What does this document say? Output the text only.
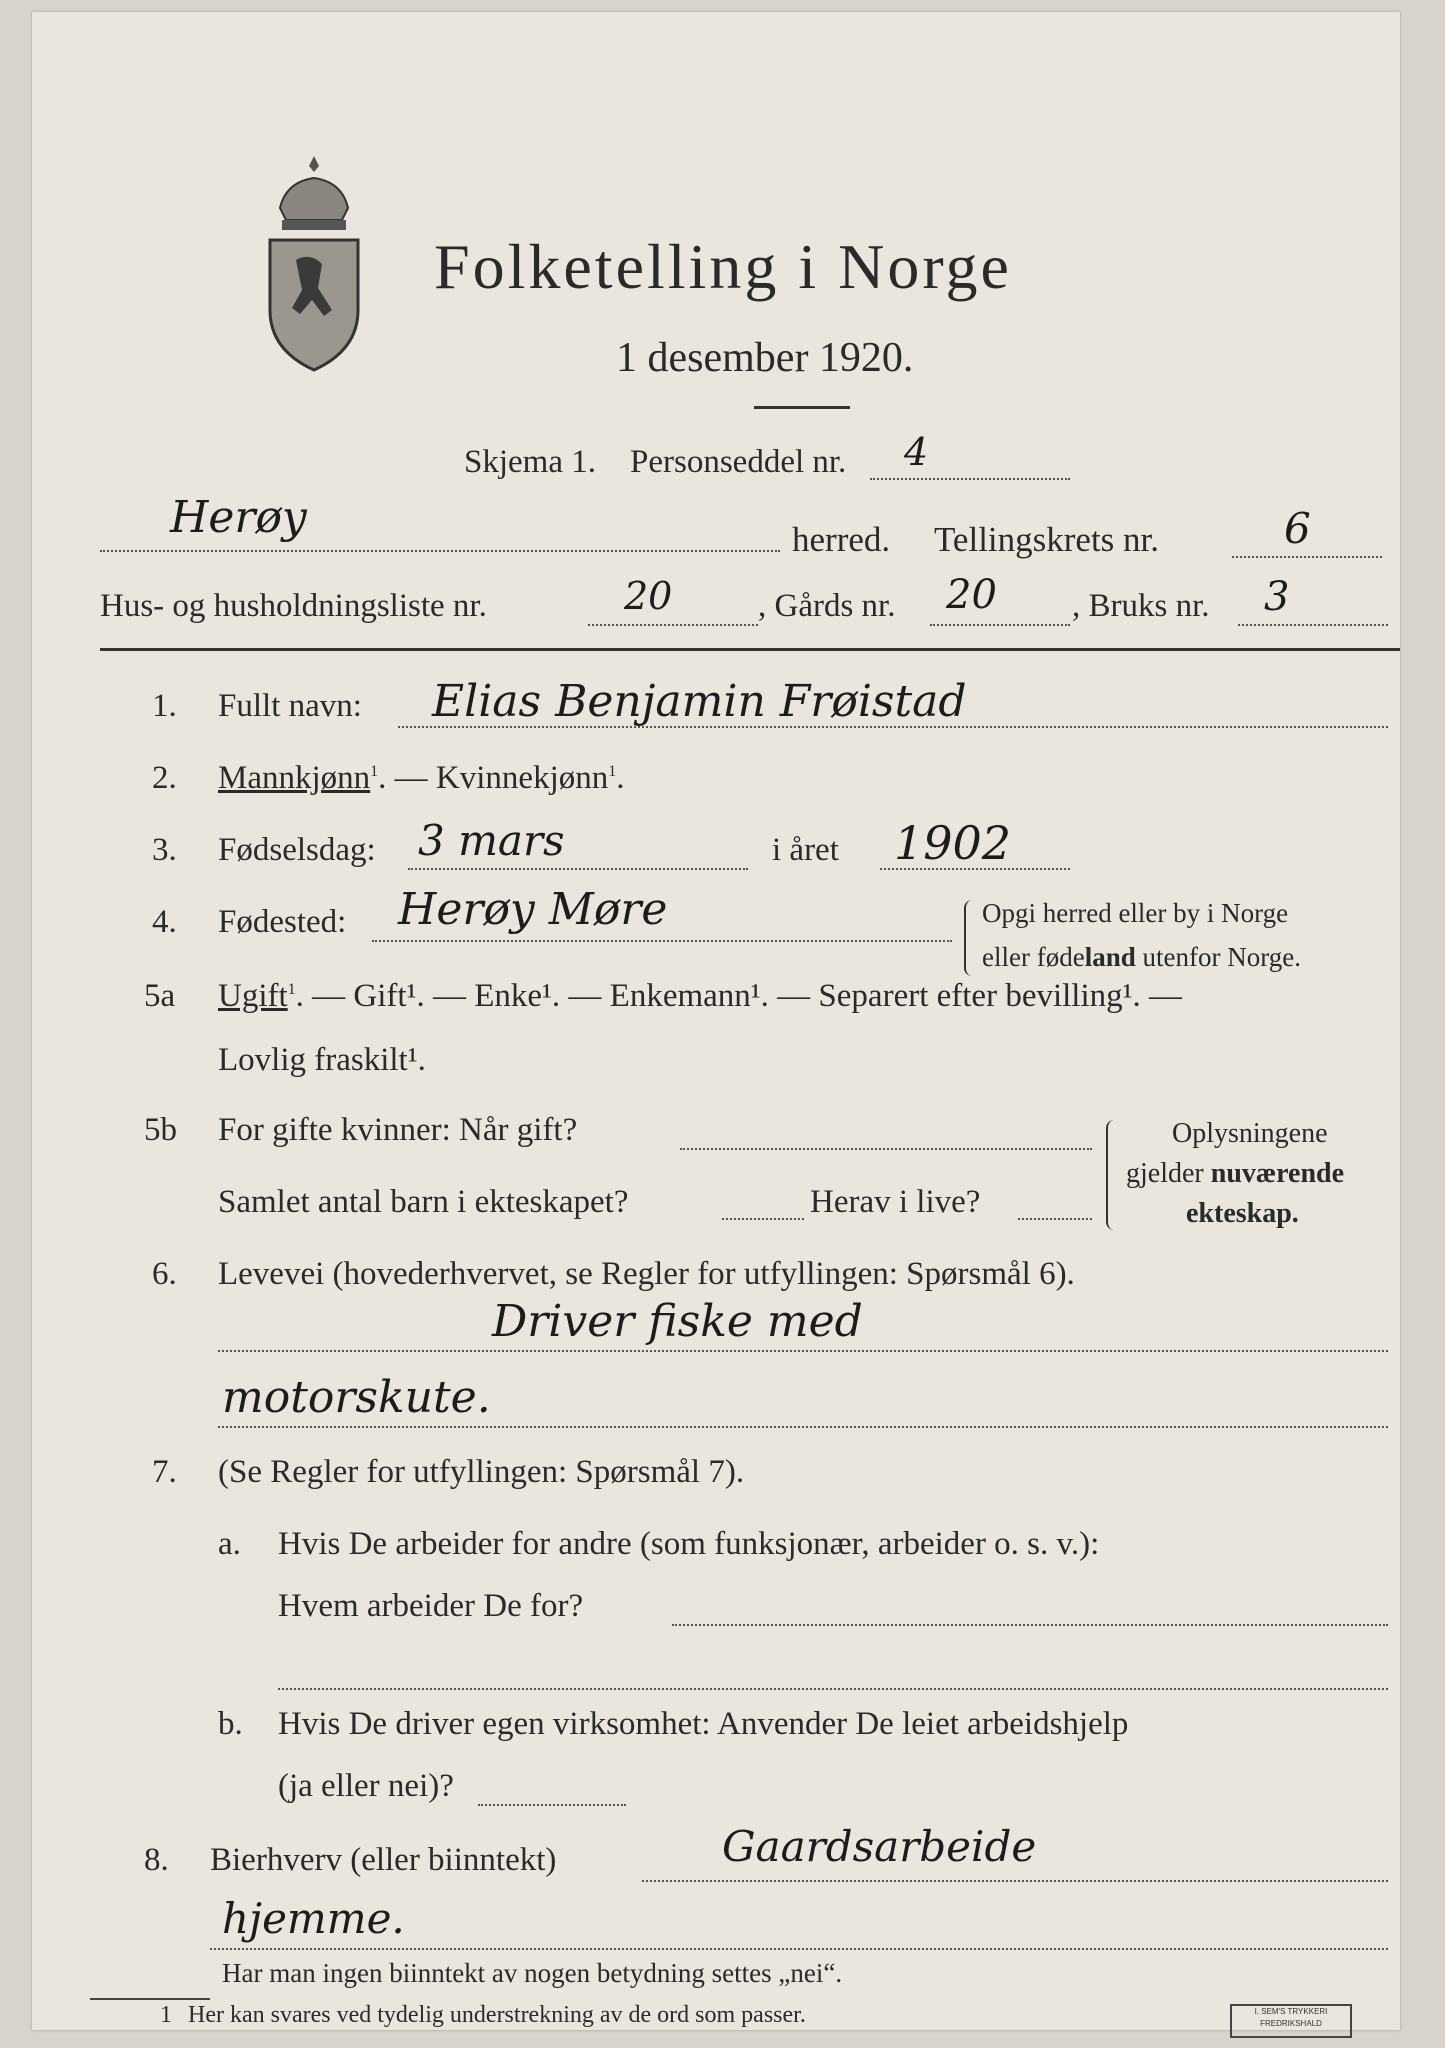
Folketelling i Norge
1 desember 1920.
Skjema 1. Personseddel nr. 4
Herøy	herred. Tellingskrets nr.	6
Hus- og husholdningsliste nr.	20	, Gårds nr. 20 , Bruks nr. 3
1. Fullt navn: Elias Benjamin Frøistad
2. Mannkjønn$^1$. — Kvinnekjønn$^1$.
3. Fødselsdag: 3 mars	i året 1902
4. Fødested: Herøy Møre	Opgi herred eller by i Norge
eller fødeland utenfor Norge.
5a Ugift$^1$. — Gift¹. — Enke¹. — Enkemann¹. — Separert efter bevilling¹. —
Lovlig fraskilt¹.
5b For gifte kvinner: Når gift?
Samlet antal barn i ekteskapet?	Herav i live?
Oplysningene
gjelder nuværende
ekteskap.
6. Levevei (hovederhvervet, se Regler for utfyllingen: Spørsmål 6).
Driver fiske med
motorskute.
7. (Se Regler for utfyllingen: Spørsmål 7).
a. Hvis De arbeider for andre (som funksjonær, arbeider o. s. v.):
Hvem arbeider De for?
b. Hvis De driver egen virksomhet: Anvender De leiet arbeidshjelp
(ja eller nei)?
8. Bierhverv (eller biinntekt)	Gaardsarbeide
hjemme.
Har man ingen biinntekt av nogen betydning settes „nei“.
1 Her kan svares ved tydelig understrekning av de ord som passer.	I. SEM'S TRYKKERI
FREDRIKSHALD
